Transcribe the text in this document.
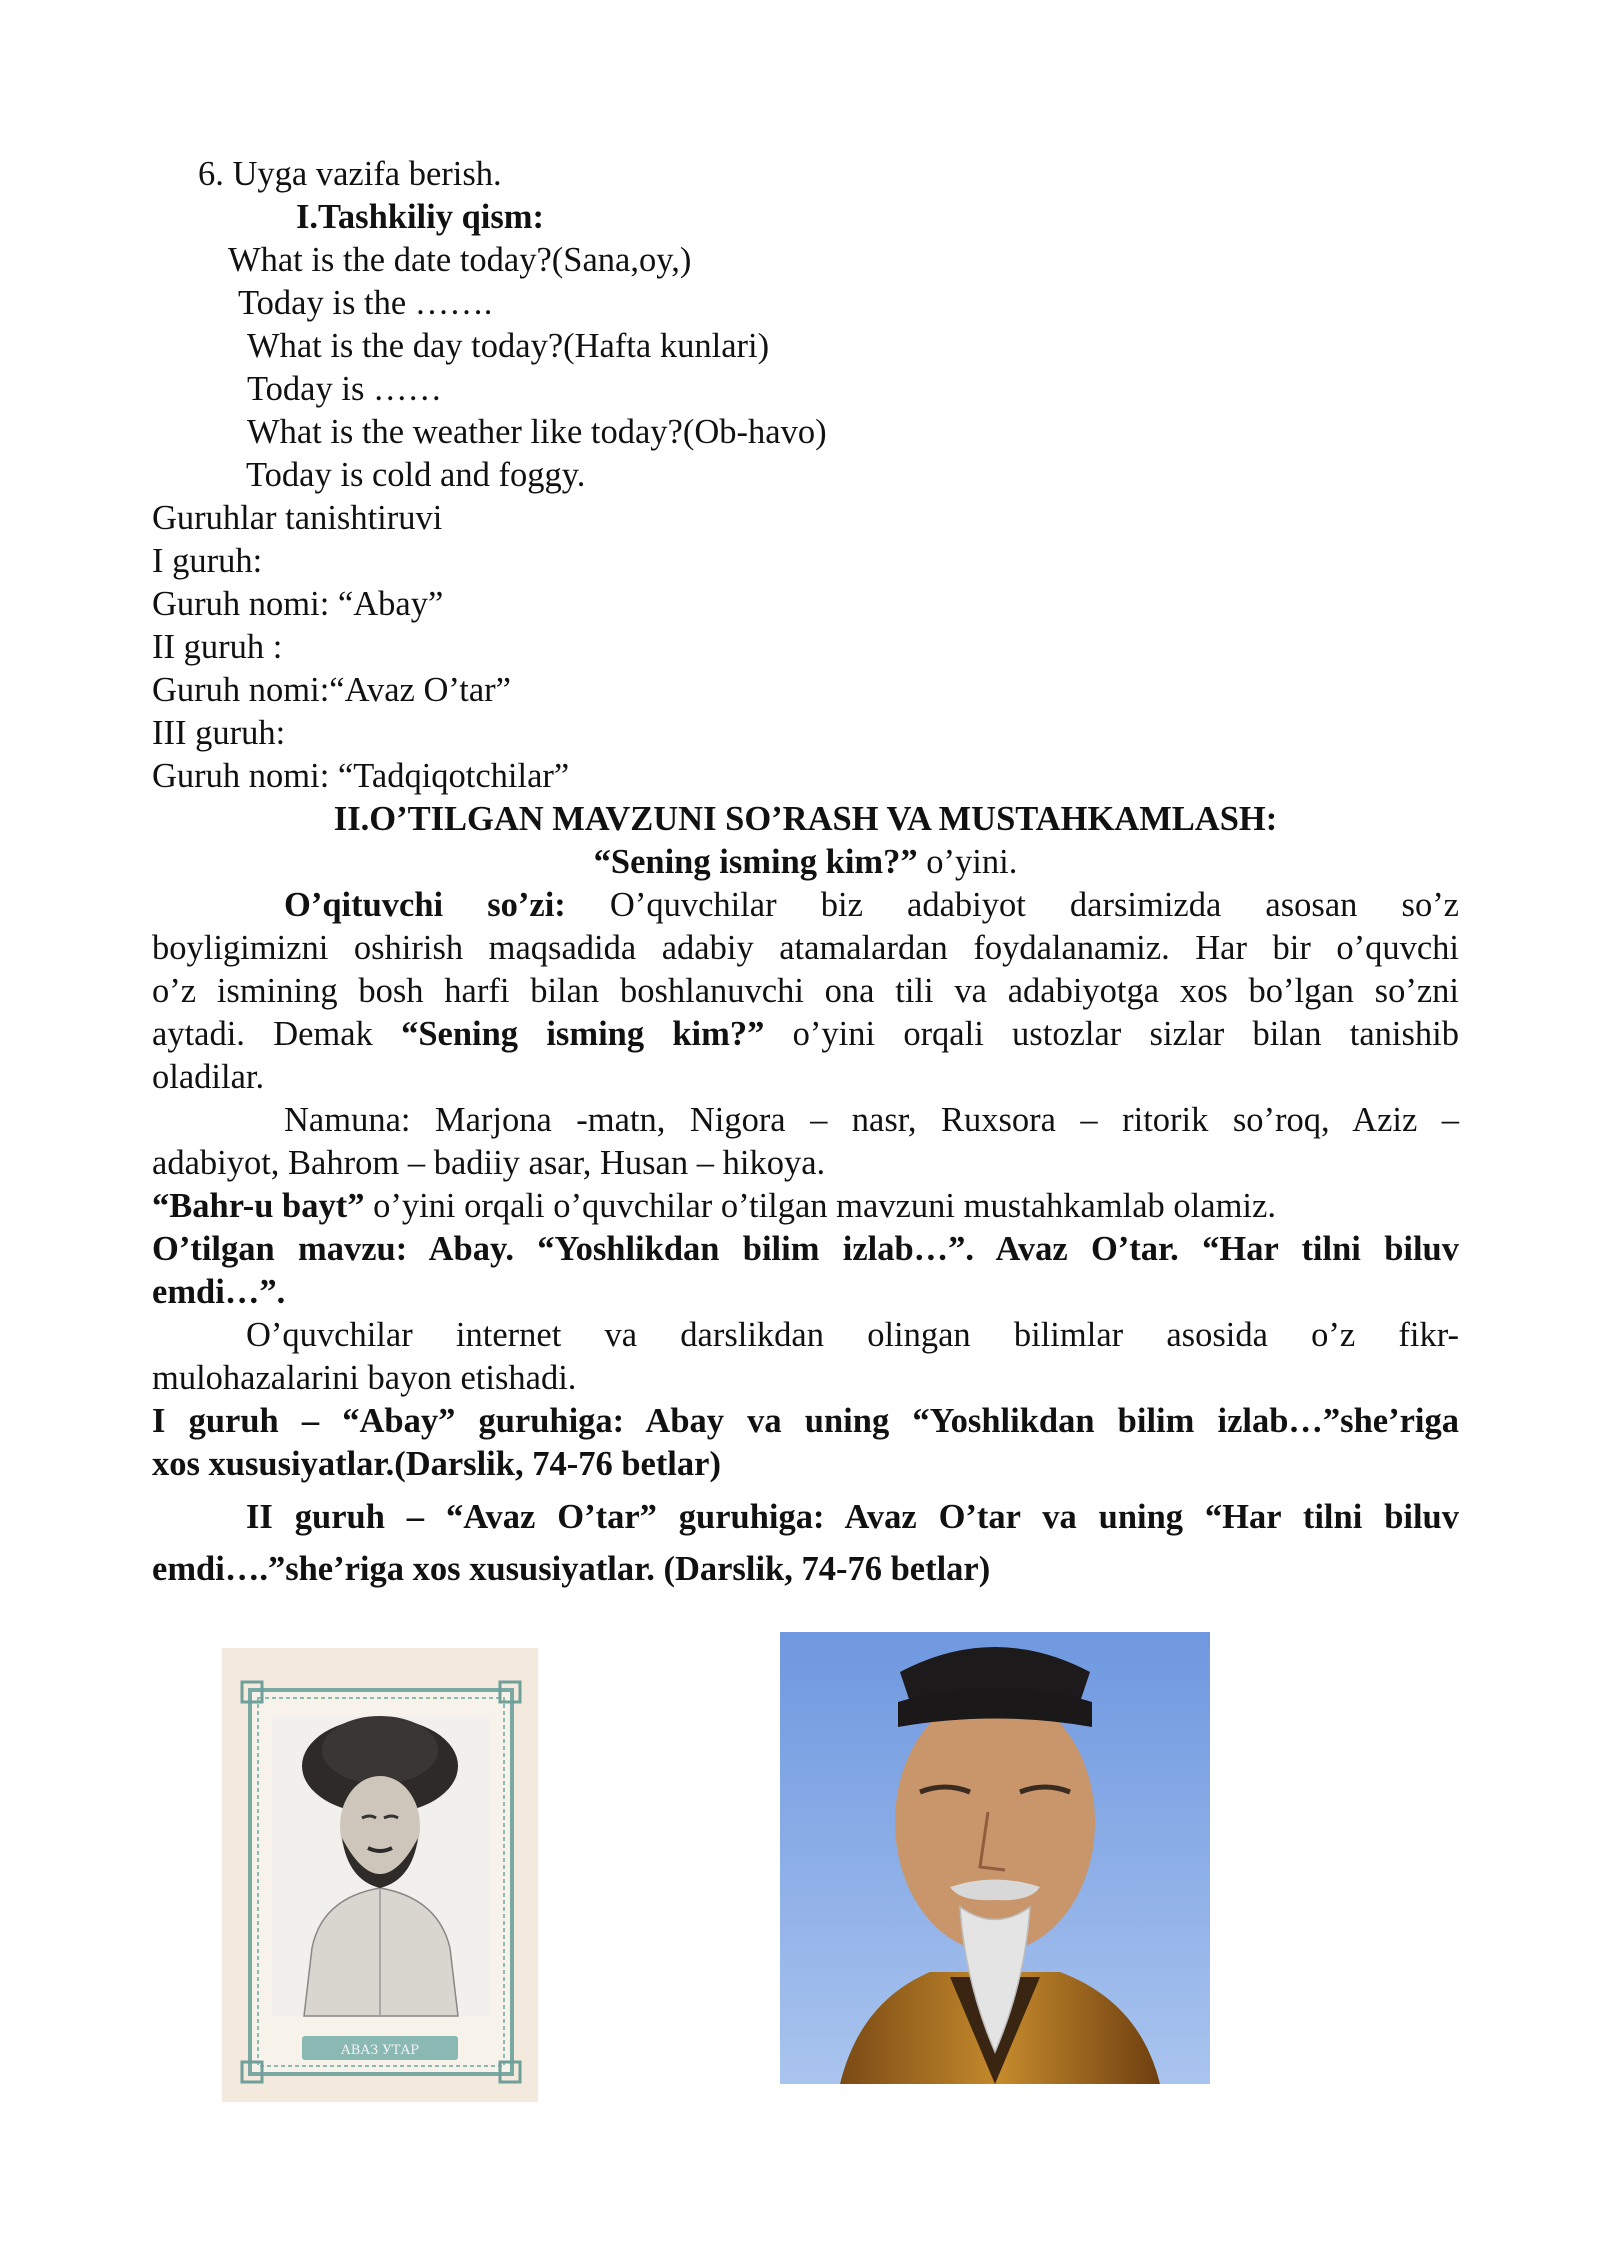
6. Uyga vazifa berish.
I.Tashkiliy qism:
What is the date today?(Sana,oy,)
Today is the …….
What is the day today?(Hafta kunlari)
Today is ……
What is the weather like today?(Ob-havo)
Today is cold and foggy.
Guruhlar tanishtiruvi
I guruh:
Guruh nomi: “Abay”
II guruh :
Guruh nomi:“Avaz O’tar”
III guruh:
Guruh nomi: “Tadqiqotchilar”
II.O’TILGAN MAVZUNI SO’RASH VA MUSTAHKAMLASH:
“Sening isming kim?” o’yini.
O’qituvchi so’zi: O’quvchilar biz adabiyot darsimizda asosan so’z
boyligimizni oshirish maqsadida adabiy atamalardan foydalanamiz. Har bir o’quvchi
o’z ismining bosh harfi bilan boshlanuvchi ona tili va adabiyotga xos bo’lgan so’zni
aytadi. Demak “Sening isming kim?” o’yini orqali ustozlar sizlar bilan tanishib
oladilar.
Namuna: Marjona -matn, Nigora – nasr, Ruxsora – ritorik so’roq, Aziz –
adabiyot, Bahrom – badiiy asar, Husan – hikoya.
“Bahr-u bayt” o’yini orqali o’quvchilar o’tilgan mavzuni mustahkamlab olamiz.
O’tilgan mavzu: Abay. “Yoshlikdan bilim izlab…”. Avaz O’tar. “Har tilni biluv
emdi…”.
O’quvchilar internet va darslikdan olingan bilimlar asosida o’z fikr-
mulohazalarini bayon etishadi.
I guruh – “Abay” guruhiga: Abay va uning “Yoshlikdan bilim izlab…”she’riga
xos xususiyatlar.(Darslik, 74-76 betlar)
II guruh – “Avaz O’tar” guruhiga: Avaz O’tar va uning “Har tilni biluv
emdi….”she’riga xos xususiyatlar. (Darslik, 74-76 betlar)
АВАЗ УТАР
